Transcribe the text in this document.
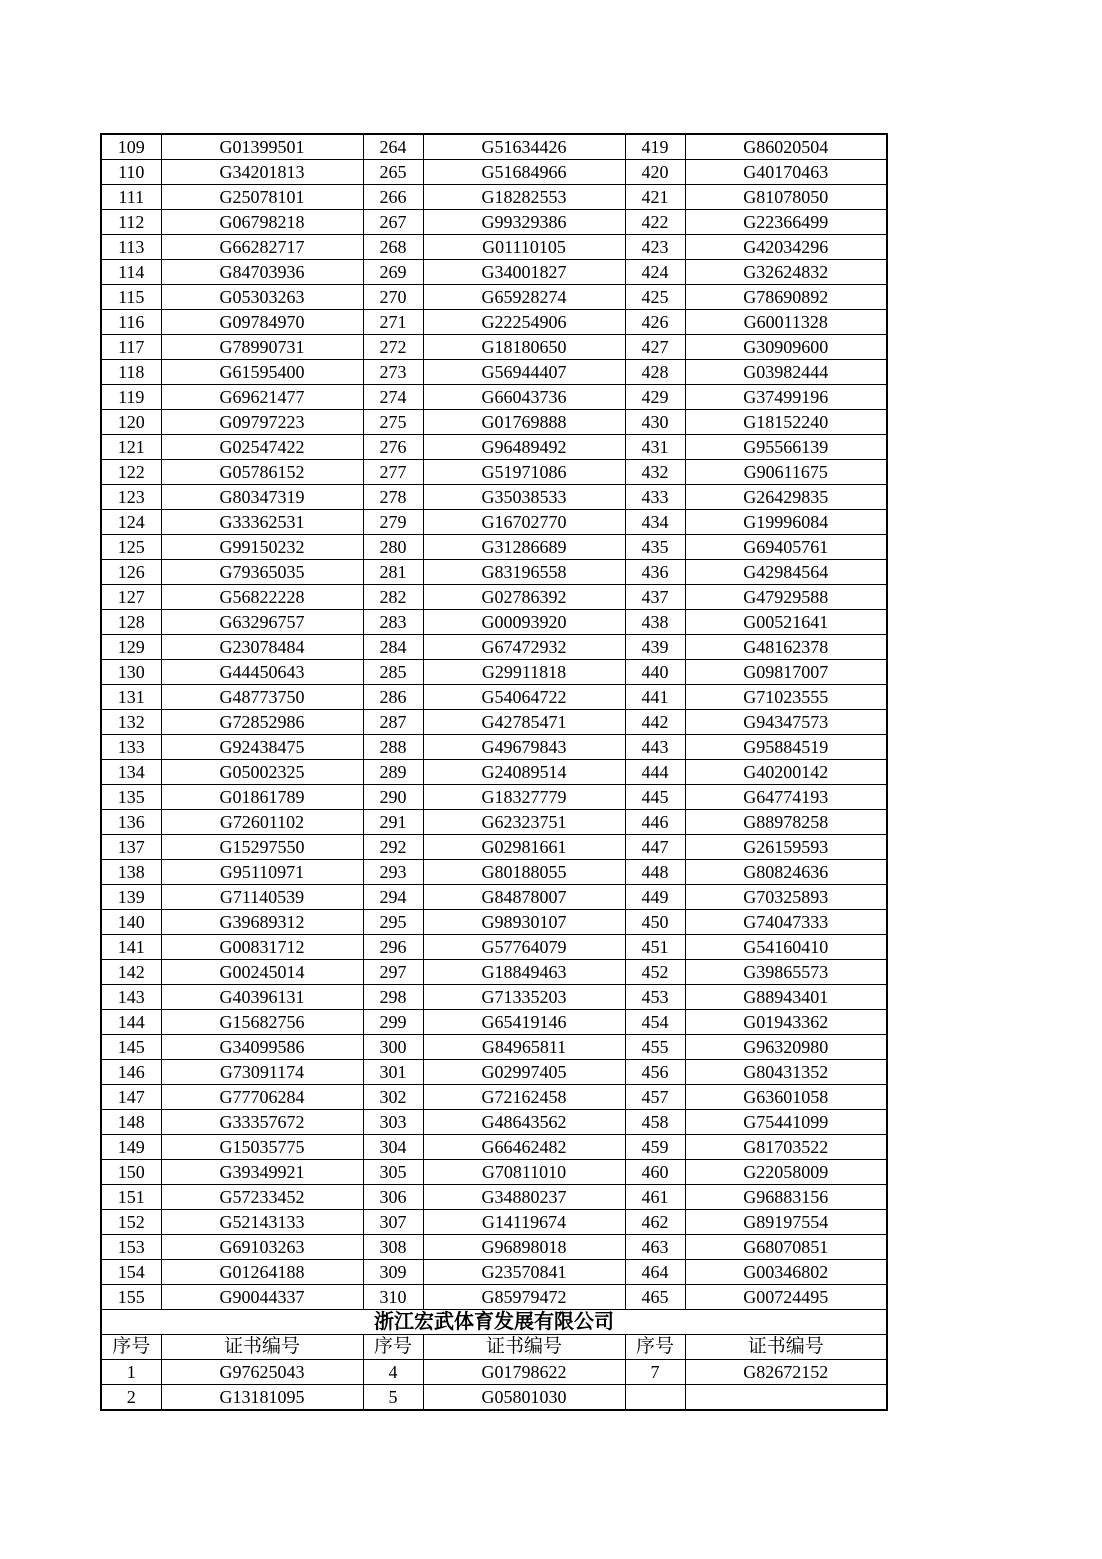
109	G01399501	264	G51634426	419	G86020504
110	G34201813	265	G51684966	420	G40170463
111	G25078101	266	G18282553	421	G81078050
112	G06798218	267	G99329386	422	G22366499
113	G66282717	268	G01110105	423	G42034296
114	G84703936	269	G34001827	424	G32624832
115	G05303263	270	G65928274	425	G78690892
116	G09784970	271	G22254906	426	G60011328
117	G78990731	272	G18180650	427	G30909600
118	G61595400	273	G56944407	428	G03982444
119	G69621477	274	G66043736	429	G37499196
120	G09797223	275	G01769888	430	G18152240
121	G02547422	276	G96489492	431	G95566139
122	G05786152	277	G51971086	432	G90611675
123	G80347319	278	G35038533	433	G26429835
124	G33362531	279	G16702770	434	G19996084
125	G99150232	280	G31286689	435	G69405761
126	G79365035	281	G83196558	436	G42984564
127	G56822228	282	G02786392	437	G47929588
128	G63296757	283	G00093920	438	G00521641
129	G23078484	284	G67472932	439	G48162378
130	G44450643	285	G29911818	440	G09817007
131	G48773750	286	G54064722	441	G71023555
132	G72852986	287	G42785471	442	G94347573
133	G92438475	288	G49679843	443	G95884519
134	G05002325	289	G24089514	444	G40200142
135	G01861789	290	G18327779	445	G64774193
136	G72601102	291	G62323751	446	G88978258
137	G15297550	292	G02981661	447	G26159593
138	G95110971	293	G80188055	448	G80824636
139	G71140539	294	G84878007	449	G70325893
140	G39689312	295	G98930107	450	G74047333
141	G00831712	296	G57764079	451	G54160410
142	G00245014	297	G18849463	452	G39865573
143	G40396131	298	G71335203	453	G88943401
144	G15682756	299	G65419146	454	G01943362
145	G34099586	300	G84965811	455	G96320980
146	G73091174	301	G02997405	456	G80431352
147	G77706284	302	G72162458	457	G63601058
148	G33357672	303	G48643562	458	G75441099
149	G15035775	304	G66462482	459	G81703522
150	G39349921	305	G70811010	460	G22058009
151	G57233452	306	G34880237	461	G96883156
152	G52143133	307	G14119674	462	G89197554
153	G69103263	308	G96898018	463	G68070851
154	G01264188	309	G23570841	464	G00346802
155	G90044337	310	G85979472	465	G00724495
浙江宏武体育发展有限公司					
序号	证书编号	序号	证书编号	序号	证书编号
1	G97625043	4	G01798622	7	G82672152
2	G13181095	5	G05801030		
